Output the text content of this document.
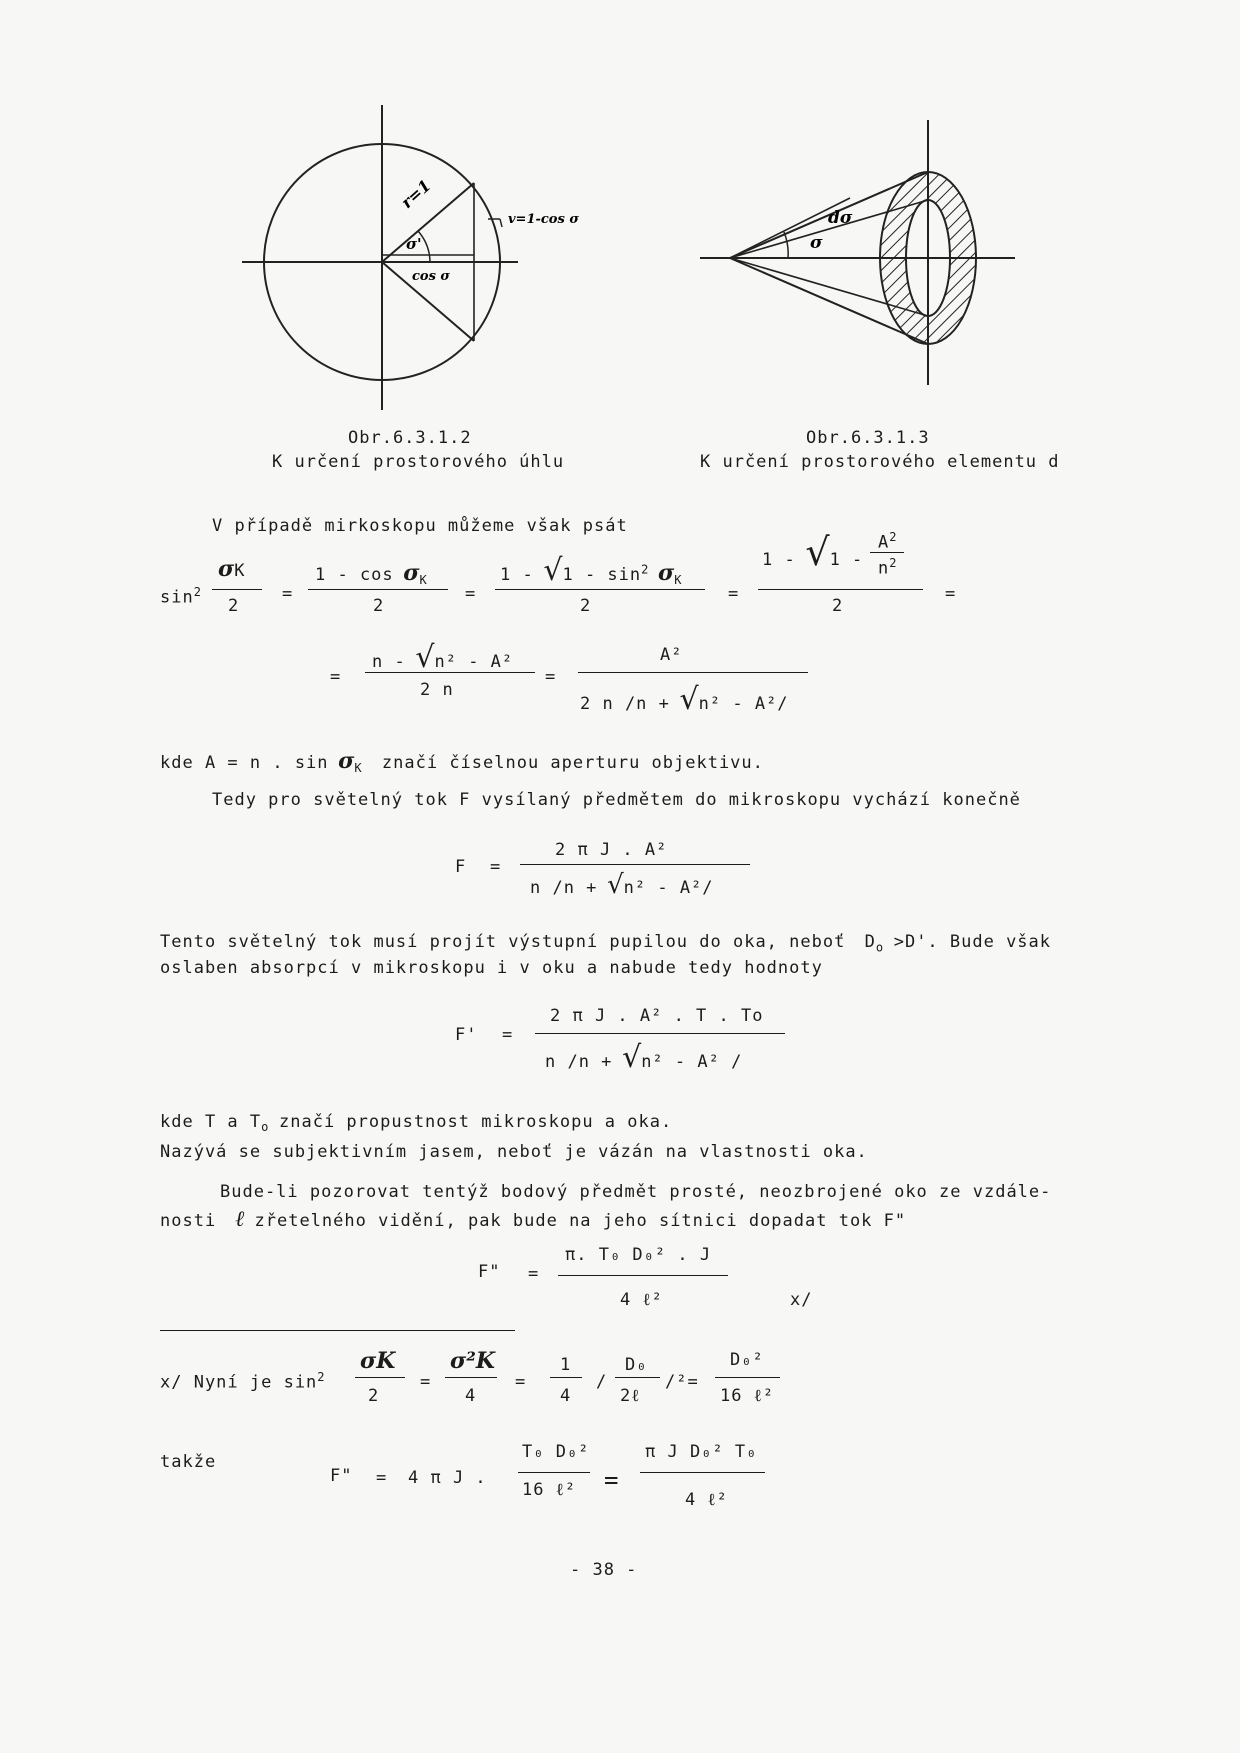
r=1
σ'
cos σ
v=1-cos σ	dσ
σ
Obr.6.3.1.2
K určení prostorového úhlu
Obr.6.3.1.3
K určení prostorového elementu d
V případě mirkoskopu můžeme však psát
$\sin^2$
σK
2
=
$1 - \cos \sigma_K$
2
=
$1 - √1 - \sin^2 \sigma_K$
2
=
1 - √1 -
$A^2$
$n^2$
2
=
=
n - √n² - A²
2 n
=
A²
2 n /n + √n² - A²/
kde A = n . $\sin \sigma_K$ značí číselnou aperturu objektivu.
Tedy pro světelný tok F vysílaný předmětem do mikroskopu vychází konečně
F =
2 π J . A²
n /n + √n² - A²/
Tento světelný tok musí projít výstupní pupilou do oka, neboť $D_o >D'$. Bude však
oslaben absorpcí v mikroskopu i v oku a nabude tedy hodnoty
F' =
2 π J . A² . T . To
n /n + √n² - A² /
kde T a $T_o$ značí propustnost mikroskopu a oka.
Nazývá se subjektivním jasem, neboť je vázán na vlastnosti oka.
Bude-li pozorovat tentýž bodový předmět prosté, neozbrojené oko ze vzdále-
nosti ℓ zřetelného vidění, pak bude na jeho sítnici dopadat tok F"
F" =
π. T₀ D₀² . J
4 ℓ²	x/
x/ Nyní je $\sin^2$
σK
2
=
σ²K
4
=
1
4
/
D₀
2ℓ
/²=
D₀²
16 ℓ²
takže
F" = 4 π J .
T₀ D₀²
16 ℓ² =
π J D₀² T₀
4 ℓ²
- 38 -
